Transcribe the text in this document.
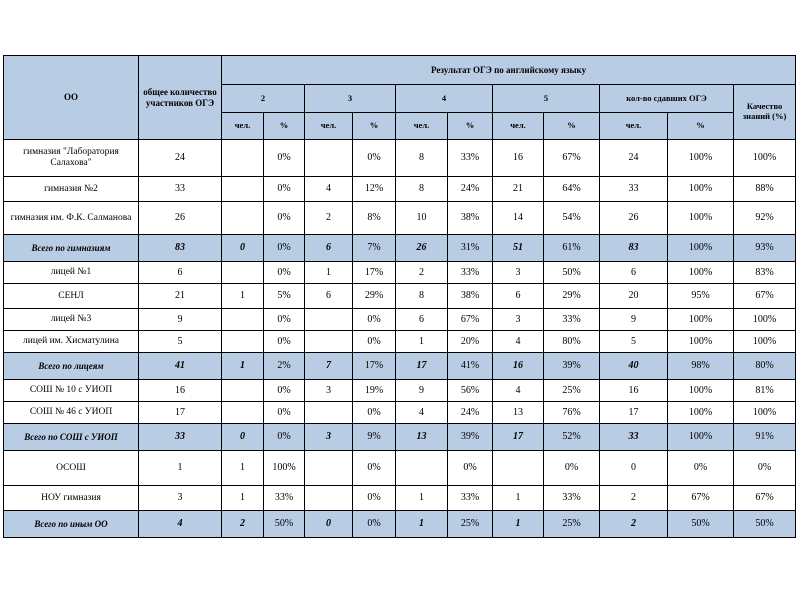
ОО	общее количество участников ОГЭ	Результат ОГЭ по английскому языку										
		2		3		4		5		кол-во сдавших ОГЭ		Качество знаний (%)
		чел.	%	чел.	%	чел.	%	чел.	%	чел.	%	
гимназия "Лаборатория Салахова"	24		0%		0%	8	33%	16	67%	24	100%	100%
гимназия №2	33		0%	4	12%	8	24%	21	64%	33	100%	88%
гимназия им. Ф.К. Салманова	26		0%	2	8%	10	38%	14	54%	26	100%	92%
Всего по гимназиям	83	0	0%	6	7%	26	31%	51	61%	83	100%	93%
лицей №1	6		0%	1	17%	2	33%	3	50%	6	100%	83%
СЕНЛ	21	1	5%	6	29%	8	38%	6	29%	20	95%	67%
лицей №3	9		0%		0%	6	67%	3	33%	9	100%	100%
лицей им. Хисматулина	5		0%		0%	1	20%	4	80%	5	100%	100%
Всего по лицеям	41	1	2%	7	17%	17	41%	16	39%	40	98%	80%
СОШ № 10 с УИОП	16		0%	3	19%	9	56%	4	25%	16	100%	81%
СОШ № 46 с УИОП	17		0%		0%	4	24%	13	76%	17	100%	100%
Всего по СОШ с УИОП	33	0	0%	3	9%	13	39%	17	52%	33	100%	91%
ОСОШ	1	1	100%		0%		0%		0%	0	0%	0%
НОУ гимназия	3	1	33%		0%	1	33%	1	33%	2	67%	67%
Всего по иным ОО	4	2	50%	0	0%	1	25%	1	25%	2	50%	50%
